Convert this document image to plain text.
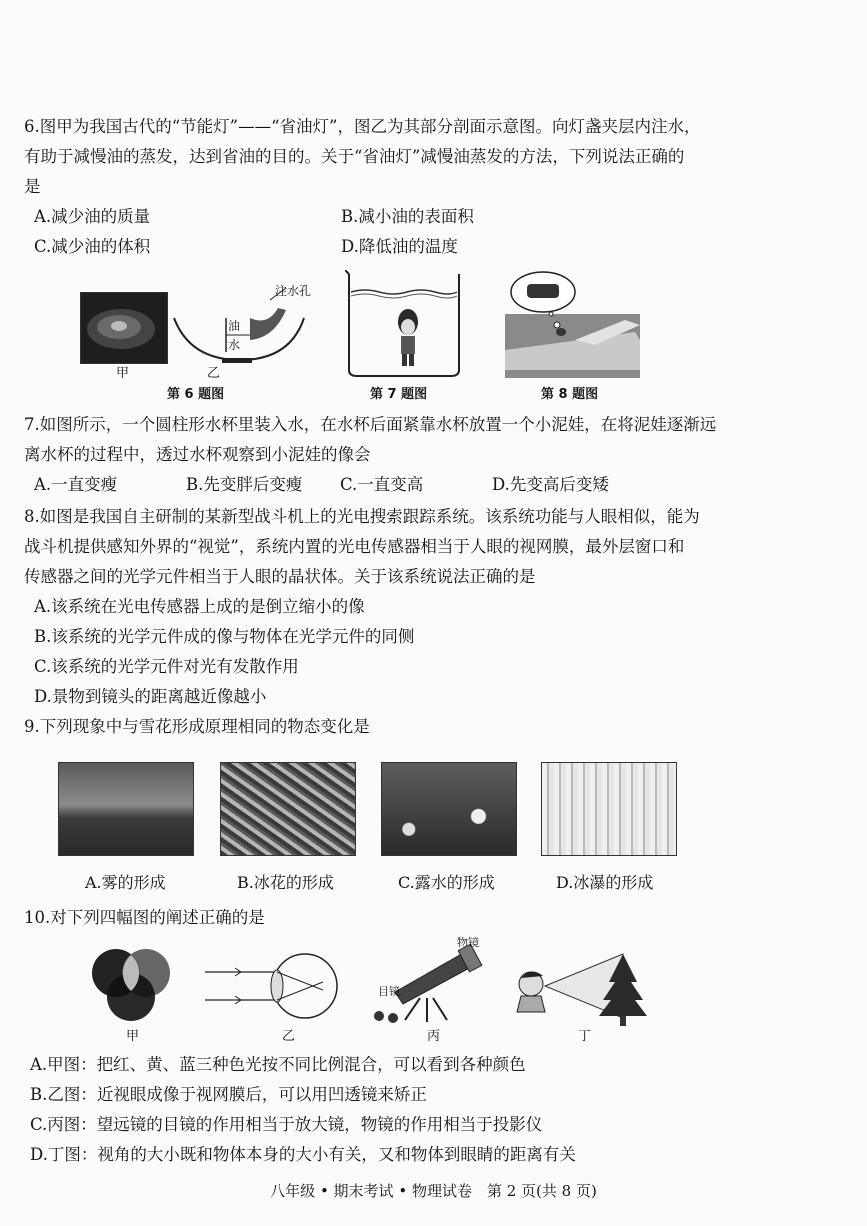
6.图甲为我国古代的“节能灯”——“省油灯”，图乙为其部分剖面示意图。向灯盏夹层内注水，

有助于减慢油的蒸发，达到省油的目的。关于“省油灯”减慢油蒸发的方法，下列说法正确的

是

A.减少油的质量	B.减小油的表面积
C.减少油的体积	D.降低油的温度
注水孔
油
水
甲	乙
第 6 题图	第 7 题图	第 8 题图

7.如图所示，一个圆柱形水杯里装入水，在水杯后面紧靠水杯放置一个小泥娃，在将泥娃逐渐远

离水杯的过程中，透过水杯观察到小泥娃的像会

A.一直变瘦	B.先变胖后变瘦 C.一直变高	D.先变高后变矮

8.如图是我国自主研制的某新型战斗机上的光电搜索跟踪系统。该系统功能与人眼相似，能为

战斗机提供感知外界的“视觉”，系统内置的光电传感器相当于人眼的视网膜，最外层窗口和

传感器之间的光学元件相当于人眼的晶状体。关于该系统说法正确的是

A.该系统在光电传感器上成的是倒立缩小的像
B.该系统的光学元件成的像与物体在光学元件的同侧
C.该系统的光学元件对光有发散作用
D.景物到镜头的距离越近像越小

9.下列现象中与雪花形成原理相同的物态变化是

A.雾的形成	B.冰花的形成	C.露水的形成	D.冰瀑的形成

10.对下列四幅图的阐述正确的是

甲	乙
物镜
目镜
丙	丁
A.甲图：把红、黄、蓝三种色光按不同比例混合，可以看到各种颜色
B.乙图：近视眼成像于视网膜后，可以用凹透镜来矫正
C.丙图：望远镜的目镜的作用相当于放大镜，物镜的作用相当于投影仪
D.丁图：视角的大小既和物体本身的大小有关，又和物体到眼睛的距离有关
八年级 • 期末考试 • 物理试卷　第 2 页(共 8 页)
